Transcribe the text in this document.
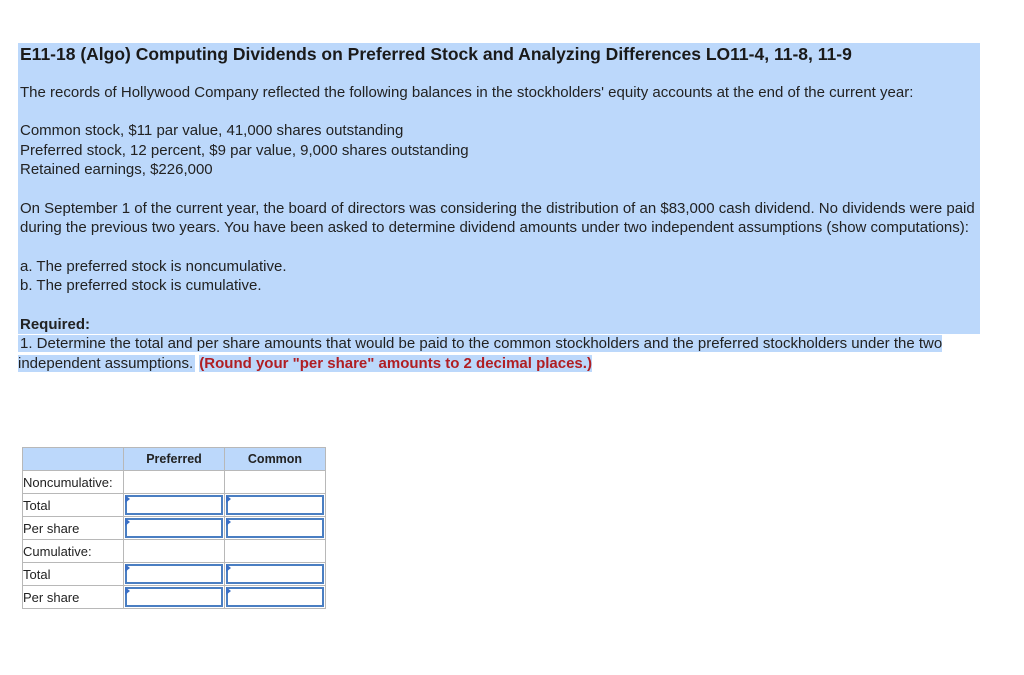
E11-18 (Algo) Computing Dividends on Preferred Stock and Analyzing Differences LO11-4, 11-8, 11-9
The records of Hollywood Company reflected the following balances in the stockholders' equity accounts at the end of the current year:
Common stock, $11 par value, 41,000 shares outstanding
Preferred stock, 12 percent, $9 par value, 9,000 shares outstanding
Retained earnings, $226,000
On September 1 of the current year, the board of directors was considering the distribution of an $83,000 cash dividend. No dividends were paid during the previous two years. You have been asked to determine dividend amounts under two independent assumptions (show computations):
a. The preferred stock is noncumulative.
b. The preferred stock is cumulative.
Required:
1. Determine the total and per share amounts that would be paid to the common stockholders and the preferred stockholders under the two independent assumptions. (Round your "per share" amounts to 2 decimal places.)
	Preferred	Common
Noncumulative:		
Total	

Per share	

Cumulative:		
Total	

Per share	
